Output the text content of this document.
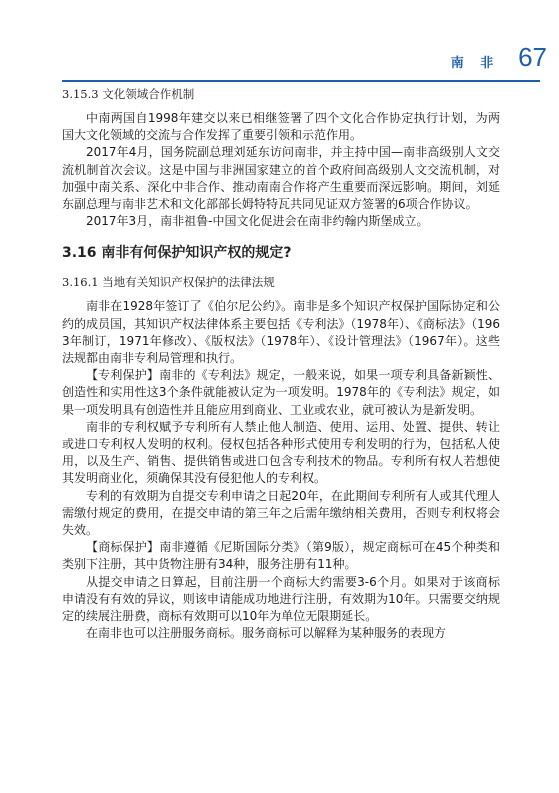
南 非 67
3.15.3 文化领域合作机制

中南两国自1998年建交以来已相继签署了四个文化合作协定执行计划，为两国大文化领域的交流与合作发挥了重要引领和示范作用。

2017年4月，国务院副总理刘延东访问南非，并主持中国—南非高级别人文交流机制首次会议。这是中国与非洲国家建立的首个政府间高级别人文交流机制，对加强中南关系、深化中非合作、推动南南合作将产生重要而深远影响。期间，刘延东副总理与南非艺术和文化部部长姆特特瓦共同见证双方签署的6项合作协议。

2017年3月，南非祖鲁-中国文化促进会在南非约翰内斯堡成立。

3.16 南非有何保护知识产权的规定?
3.16.1 当地有关知识产权保护的法律法规

南非在1928年签订了《伯尔尼公约》。南非是多个知识产权保护国际协定和公约的成员国，其知识产权法律体系主要包括《专利法》（1978年）、《商标法》（1963年制订，1971年修改）、《版权法》（1978年）、《设计管理法》（1967年）。这些法规都由南非专利局管理和执行。

【专利保护】南非的《专利法》规定，一般来说，如果一项专利具备新颖性、创造性和实用性这3个条件就能被认定为一项发明。1978年的《专利法》规定，如果一项发明具有创造性并且能应用到商业、工业或农业，就可被认为是新发明。

南非的专利权赋予专利所有人禁止他人制造、使用、运用、处置、提供、转让或进口专利权人发明的权利。侵权包括各种形式使用专利发明的行为，包括私人使用，以及生产、销售、提供销售或进口包含专利技术的物品。专利所有权人若想使其发明商业化，须确保其没有侵犯他人的专利权。

专利的有效期为自提交专利申请之日起20年，在此期间专利所有人或其代理人需缴付规定的费用，在提交申请的第三年之后需年缴纳相关费用，否则专利权将会失效。

【商标保护】南非遵循《尼斯国际分类》（第9版），规定商标可在45个种类和类别下注册，其中货物注册有34种，服务注册有11种。

从提交申请之日算起，目前注册一个商标大约需要3-6个月。如果对于该商标申请没有有效的异议，则该申请能成功地进行注册，有效期为10年。只需要交纳规定的续展注册费，商标有效期可以10年为单位无限期延长。

在南非也可以注册服务商标。服务商标可以解释为某种服务的表现方
